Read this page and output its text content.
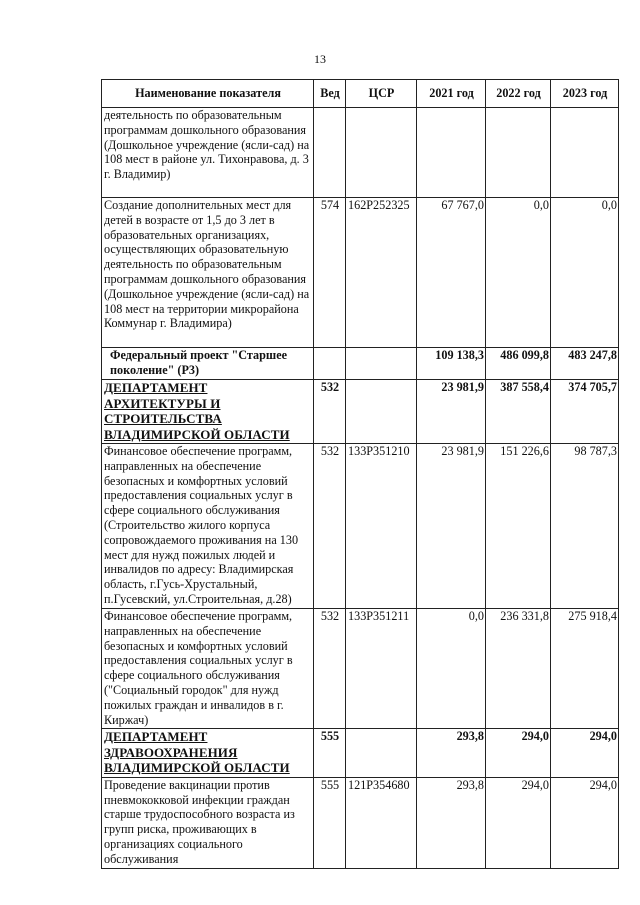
13
Наименование показателя	Вед	ЦСР	2021 год	2022 год	2023 год
деятельность по образовательным программам дошкольного образования (Дошкольное учреждение (ясли-сад) на 108 мест в районе ул. Тихонравова, д. 3 г. Владимир)					
Создание дополнительных мест для детей в возрасте от 1,5 до 3 лет в образовательных организациях, осуществляющих образовательную деятельность по образовательным программам дошкольного образования (Дошкольное учреждение (ясли-сад) на 108 мест на территории микрорайона Коммунар г. Владимира)	574	162P252325	67 767,0	0,0	0,0
Федеральный проект "Старшее поколение" (P3)			109 138,3	486 099,8	483 247,8
ДЕПАРТАМЕНТ АРХИТЕКТУРЫ И СТРОИТЕЛЬСТВА ВЛАДИМИРСКОЙ ОБЛАСТИ	532		23 981,9	387 558,4	374 705,7
Финансовое обеспечение программ, направленных на обеспечение безопасных и комфортных условий предоставления социальных услуг в сфере социального обслуживания (Строительство жилого корпуса сопровождаемого проживания на 130 мест для нужд пожилых людей и инвалидов по адресу: Владимирская область, г.Гусь-Хрустальный, п.Гусевский, ул.Строительная, д.28)	532	133P351210	23 981,9	151 226,6	98 787,3
Финансовое обеспечение программ, направленных на обеспечение безопасных и комфортных условий предоставления социальных услуг в сфере социального обслуживания ("Социальный городок" для нужд пожилых граждан и инвалидов в г. Киржач)	532	133P351211	0,0	236 331,8	275 918,4
ДЕПАРТАМЕНТ ЗДРАВООХРАНЕНИЯ ВЛАДИМИРСКОЙ ОБЛАСТИ	555		293,8	294,0	294,0
Проведение вакцинации против пневмококковой инфекции граждан старше трудоспособного возраста из групп риска, проживающих в организациях социального обслуживания	555	121P354680	293,8	294,0	294,0
